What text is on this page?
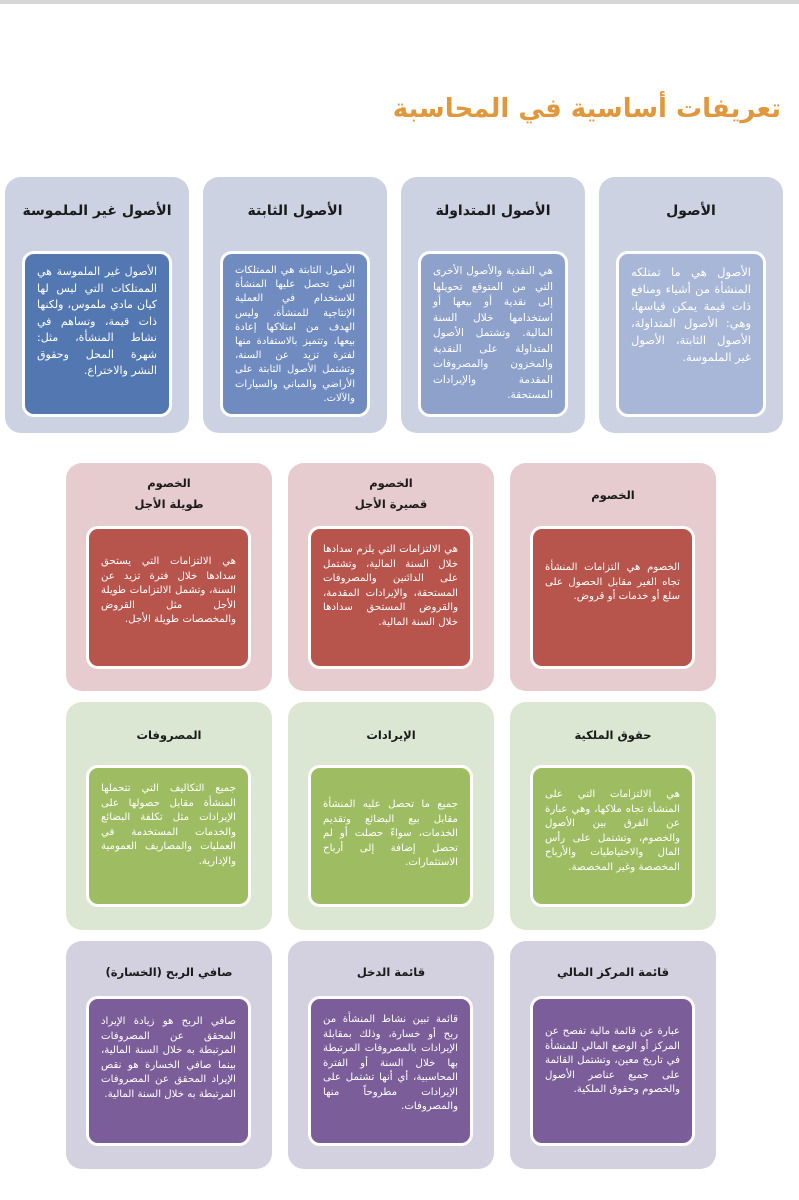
تعريفات أساسية في المحاسبة
الأصول
الأصول هي ما تمتلكه المنشأة من أشياء ومنافع ذات قيمة يمكن قياسها، وهي: الأصول المتداولة، الأصول الثابتة، الأصول غير الملموسة.
الأصول المتداولة
هي النقدية والأصول الأخرى التي من المتوقع تحويلها إلى نقدية أو بيعها أو استخدامها خلال السنة المالية. وتشتمل الأصول المتداولة على النقدية والمخزون والمصروفات المقدمة والإيرادات المستحقة.
الأصول الثابتة
الأصول الثابتة هي الممتلكات التي تحصل عليها المنشأة للاستخدام في العملية الإنتاجية للمنشأة، وليس الهدف من امتلاكها إعادة بيعها، وتتميز بالاستفادة منها لفترة تزيد عن السنة، وتشتمل الأصول الثابتة على الأراضي والمباني والسيارات والآلات.
الأصول غير الملموسة
الأصول غير الملموسة هي الممتلكات التي ليس لها كيان مادي ملموس، ولكنها ذات قيمة، وتساهم في نشاط المنشأة، مثل: شهرة المحل وحقوق النشر والاختراع.
الخصوم
الخصوم هي التزامات المنشأة تجاه الغير مقابل الحصول على سلع أو خدمات أو قروض.
الخصوم
قصيرة الأجل
هي الالتزامات التي يلزم سدادها خلال السنة المالية، وتشتمل على الدائنين والمصروفات المستحقة، والإيرادات المقدمة، والقروض المستحق سدادها خلال السنة المالية.
الخصوم
طويلة الأجل
هي الالتزامات التي يستحق سدادها خلال فترة تزيد عن السنة، وتشمل الالتزامات طويلة الأجل مثل القروض والمخصصات طويلة الأجل.
حقوق الملكية
هي الالتزامات التي على المنشأة تجاه ملاكها، وهي عبارة عن الفرق بين الأصول والخصوم، وتشتمل على رأس المال والاحتياطيات والأرباح المخصصة وغير المخصصة.
الإيرادات
جميع ما تحصل عليه المنشأة مقابل بيع البضائع وتقديم الخدمات، سواءً حصلت أو لم تحصل إضافة إلى أرباح الاستثمارات.
المصروفات
جميع التكاليف التي تتحملها المنشأة مقابل حصولها على الإيرادات مثل تكلفة البضائع والخدمات المستخدمة في العمليات والمصاريف العمومية والإدارية.
قائمة المركز المالي
عبارة عن قائمة مالية تفصح عن المركز أو الوضع المالي للمنشأة في تاريخ معين، وتشتمل القائمة على جميع عناصر الأصول والخصوم وحقوق الملكية.
قائمة الدخل
قائمة تبين نشاط المنشأة من ربح أو خسارة، وذلك بمقابلة الإيرادات بالمصروفات المرتبطة بها خلال السنة أو الفترة المحاسبية، أي أنها تشتمل على الإيرادات مطروحاً منها والمصروفات.
صافي الربح (الخسارة)
صافي الربح هو زيادة الإيراد المحقق عن المصروفات المرتبطة به خلال السنة المالية، بينما صافي الخسارة هو نقص الإيراد المحقق عن المصروفات المرتبطة به خلال السنة المالية.
